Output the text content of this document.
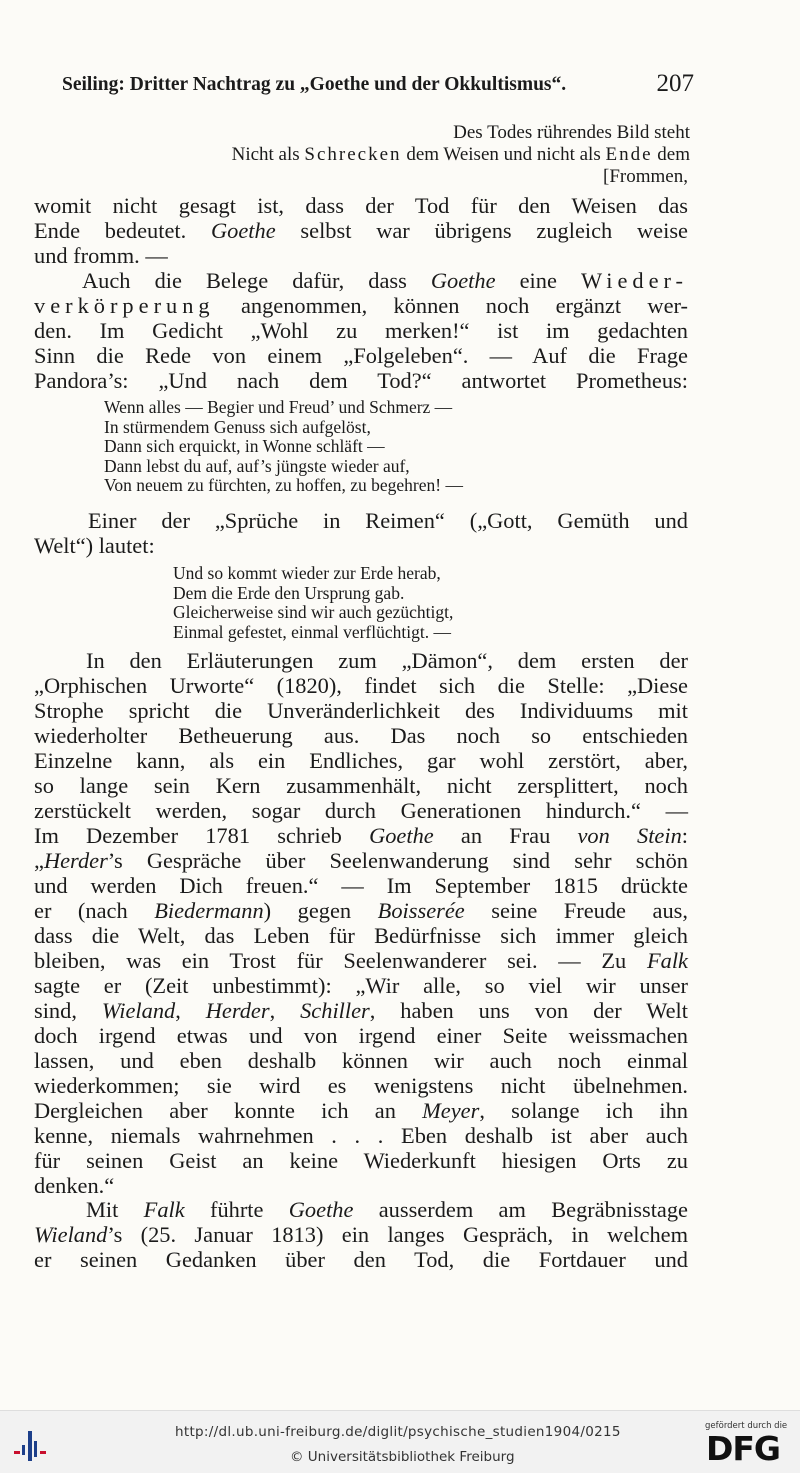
Seiling: Dritter Nachtrag zu „Goethe und der Okkultismus“.	207
Des Todes rührendes Bild steht
Nicht als Schrecken dem Weisen und nicht als Ende dem
[Frommen,
womit nicht gesagt ist, dass der Tod für den Weisen das
Ende bedeutet. Goethe selbst war übrigens zugleich weise
und fromm. —
Auch die Belege dafür, dass Goethe eine Wieder-
verkörperung angenommen, können noch ergänzt wer-
den. Im Gedicht „Wohl zu merken!“ ist im gedachten
Sinn die Rede von einem „Folgeleben“. — Auf die Frage
Pandora’s: „Und nach dem Tod?“ antwortet Prometheus:
Wenn alles — Begier und Freud’ und Schmerz —
In stürmendem Genuss sich aufgelöst,
Dann sich erquickt, in Wonne schläft —
Dann lebst du auf, auf’s jüngste wieder auf,
Von neuem zu fürchten, zu hoffen, zu begehren! —
Einer der „Sprüche in Reimen“ („Gott, Gemüth und
Welt“) lautet:
Und so kommt wieder zur Erde herab,
Dem die Erde den Ursprung gab.
Gleicherweise sind wir auch gezüchtigt,
Einmal gefestet, einmal verflüchtigt. —
In den Erläuterungen zum „Dämon“, dem ersten der
„Orphischen Urworte“ (1820), findet sich die Stelle: „Diese
Strophe spricht die Unveränderlichkeit des Individuums mit
wiederholter Betheuerung aus. Das noch so entschieden
Einzelne kann, als ein Endliches, gar wohl zerstört, aber,
so lange sein Kern zusammenhält, nicht zersplittert, noch
zerstückelt werden, sogar durch Generationen hindurch.“ —
Im Dezember 1781 schrieb Goethe an Frau von Stein:
„Herder’s Gespräche über Seelenwanderung sind sehr schön
und werden Dich freuen.“ — Im September 1815 drückte
er (nach Biedermann) gegen Boisserée seine Freude aus,
dass die Welt, das Leben für Bedürfnisse sich immer gleich
bleiben, was ein Trost für Seelenwanderer sei. — Zu Falk
sagte er (Zeit unbestimmt): „Wir alle, so viel wir unser
sind, Wieland, Herder, Schiller, haben uns von der Welt
doch irgend etwas und von irgend einer Seite weissmachen
lassen, und eben deshalb können wir auch noch einmal
wiederkommen; sie wird es wenigstens nicht übelnehmen.
Dergleichen aber konnte ich an Meyer, solange ich ihn
kenne, niemals wahrnehmen . . . Eben deshalb ist aber auch
für seinen Geist an keine Wiederkunft hiesigen Orts zu
denken.“
Mit Falk führte Goethe ausserdem am Begräbnisstage
Wieland’s (25. Januar 1813) ein langes Gespräch, in welchem
er seinen Gedanken über den Tod, die Fortdauer und
http://dl.ub.uni-freiburg.de/diglit/psychische_studien1904/0215
© Universitätsbibliothek Freiburg
gefördert durch die
DFG
